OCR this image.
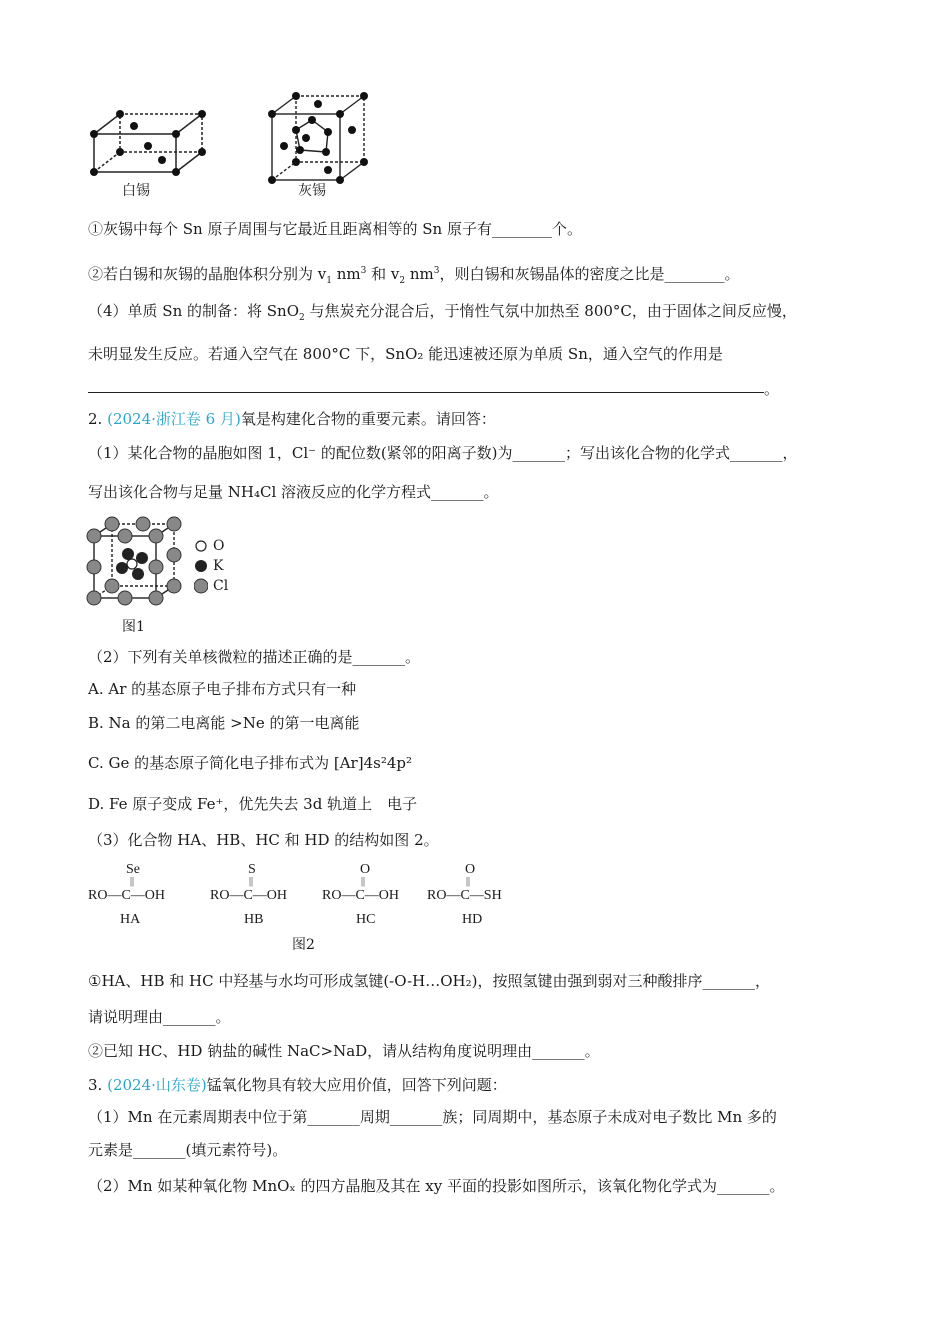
白锡	灰锡
①灰锡中每个 Sn 原子周围与它最近且距离相等的 Sn 原子有________个。
②若白锡和灰锡的晶胞体积分别为 $v_1$ $nm^3$ 和 $v_2$ $nm^3$，则白锡和灰锡晶体的密度之比是________。
（4）单质 Sn 的制备：将 SnO$_2$ 与焦炭充分混合后，于惰性气氛中加热至 800°C，由于固体之间反应慢，
未明显发生反应。若通入空气在 800°C 下，SnO₂ 能迅速被还原为单质 Sn，通入空气的作用是
。
2. (2024·浙江卷 6 月)氧是构建化合物的重要元素。请回答：
（1）某化合物的晶胞如图 1，Cl⁻ 的配位数(紧邻的阳离子数)为_______；写出该化合物的化学式_______，
写出该化合物与足量 NH₄Cl 溶液反应的化学方程式_______。
O
K
Cl
图1
（2）下列有关单核微粒的描述正确的是_______。
A. Ar 的基态原子电子排布方式只有一种
B. Na 的第二电离能 >Ne 的第一电离能
C. Ge 的基态原子简化电子排布式为 [Ar]4s²4p²
D. Fe 原子变成 Fe⁺，优先失去 3d 轨道上　电子
（3）化合物 HA、HB、HC 和 HD 的结构如图 2。
Se
||
RO—C—OH
HA
S
||
RO—C—OH
HB
O
||
RO—C—OH
HC
O
||
RO—C—SH
HD
图2
①HA、HB 和 HC 中羟基与水均可形成氢键(-O-H…OH₂)，按照氢键由强到弱对三种酸排序_______，
请说明理由_______。
②已知 HC、HD 钠盐的碱性 NaC>NaD，请从结构角度说明理由_______。
3. (2024·山东卷)锰氧化物具有较大应用价值，回答下列问题：
（1）Mn 在元素周期表中位于第_______周期_______族；同周期中，基态原子未成对电子数比 Mn 多的
元素是_______(填元素符号)。
（2）Mn 如某种氧化物 MnOₓ 的四方晶胞及其在 xy 平面的投影如图所示，该氧化物化学式为_______。
